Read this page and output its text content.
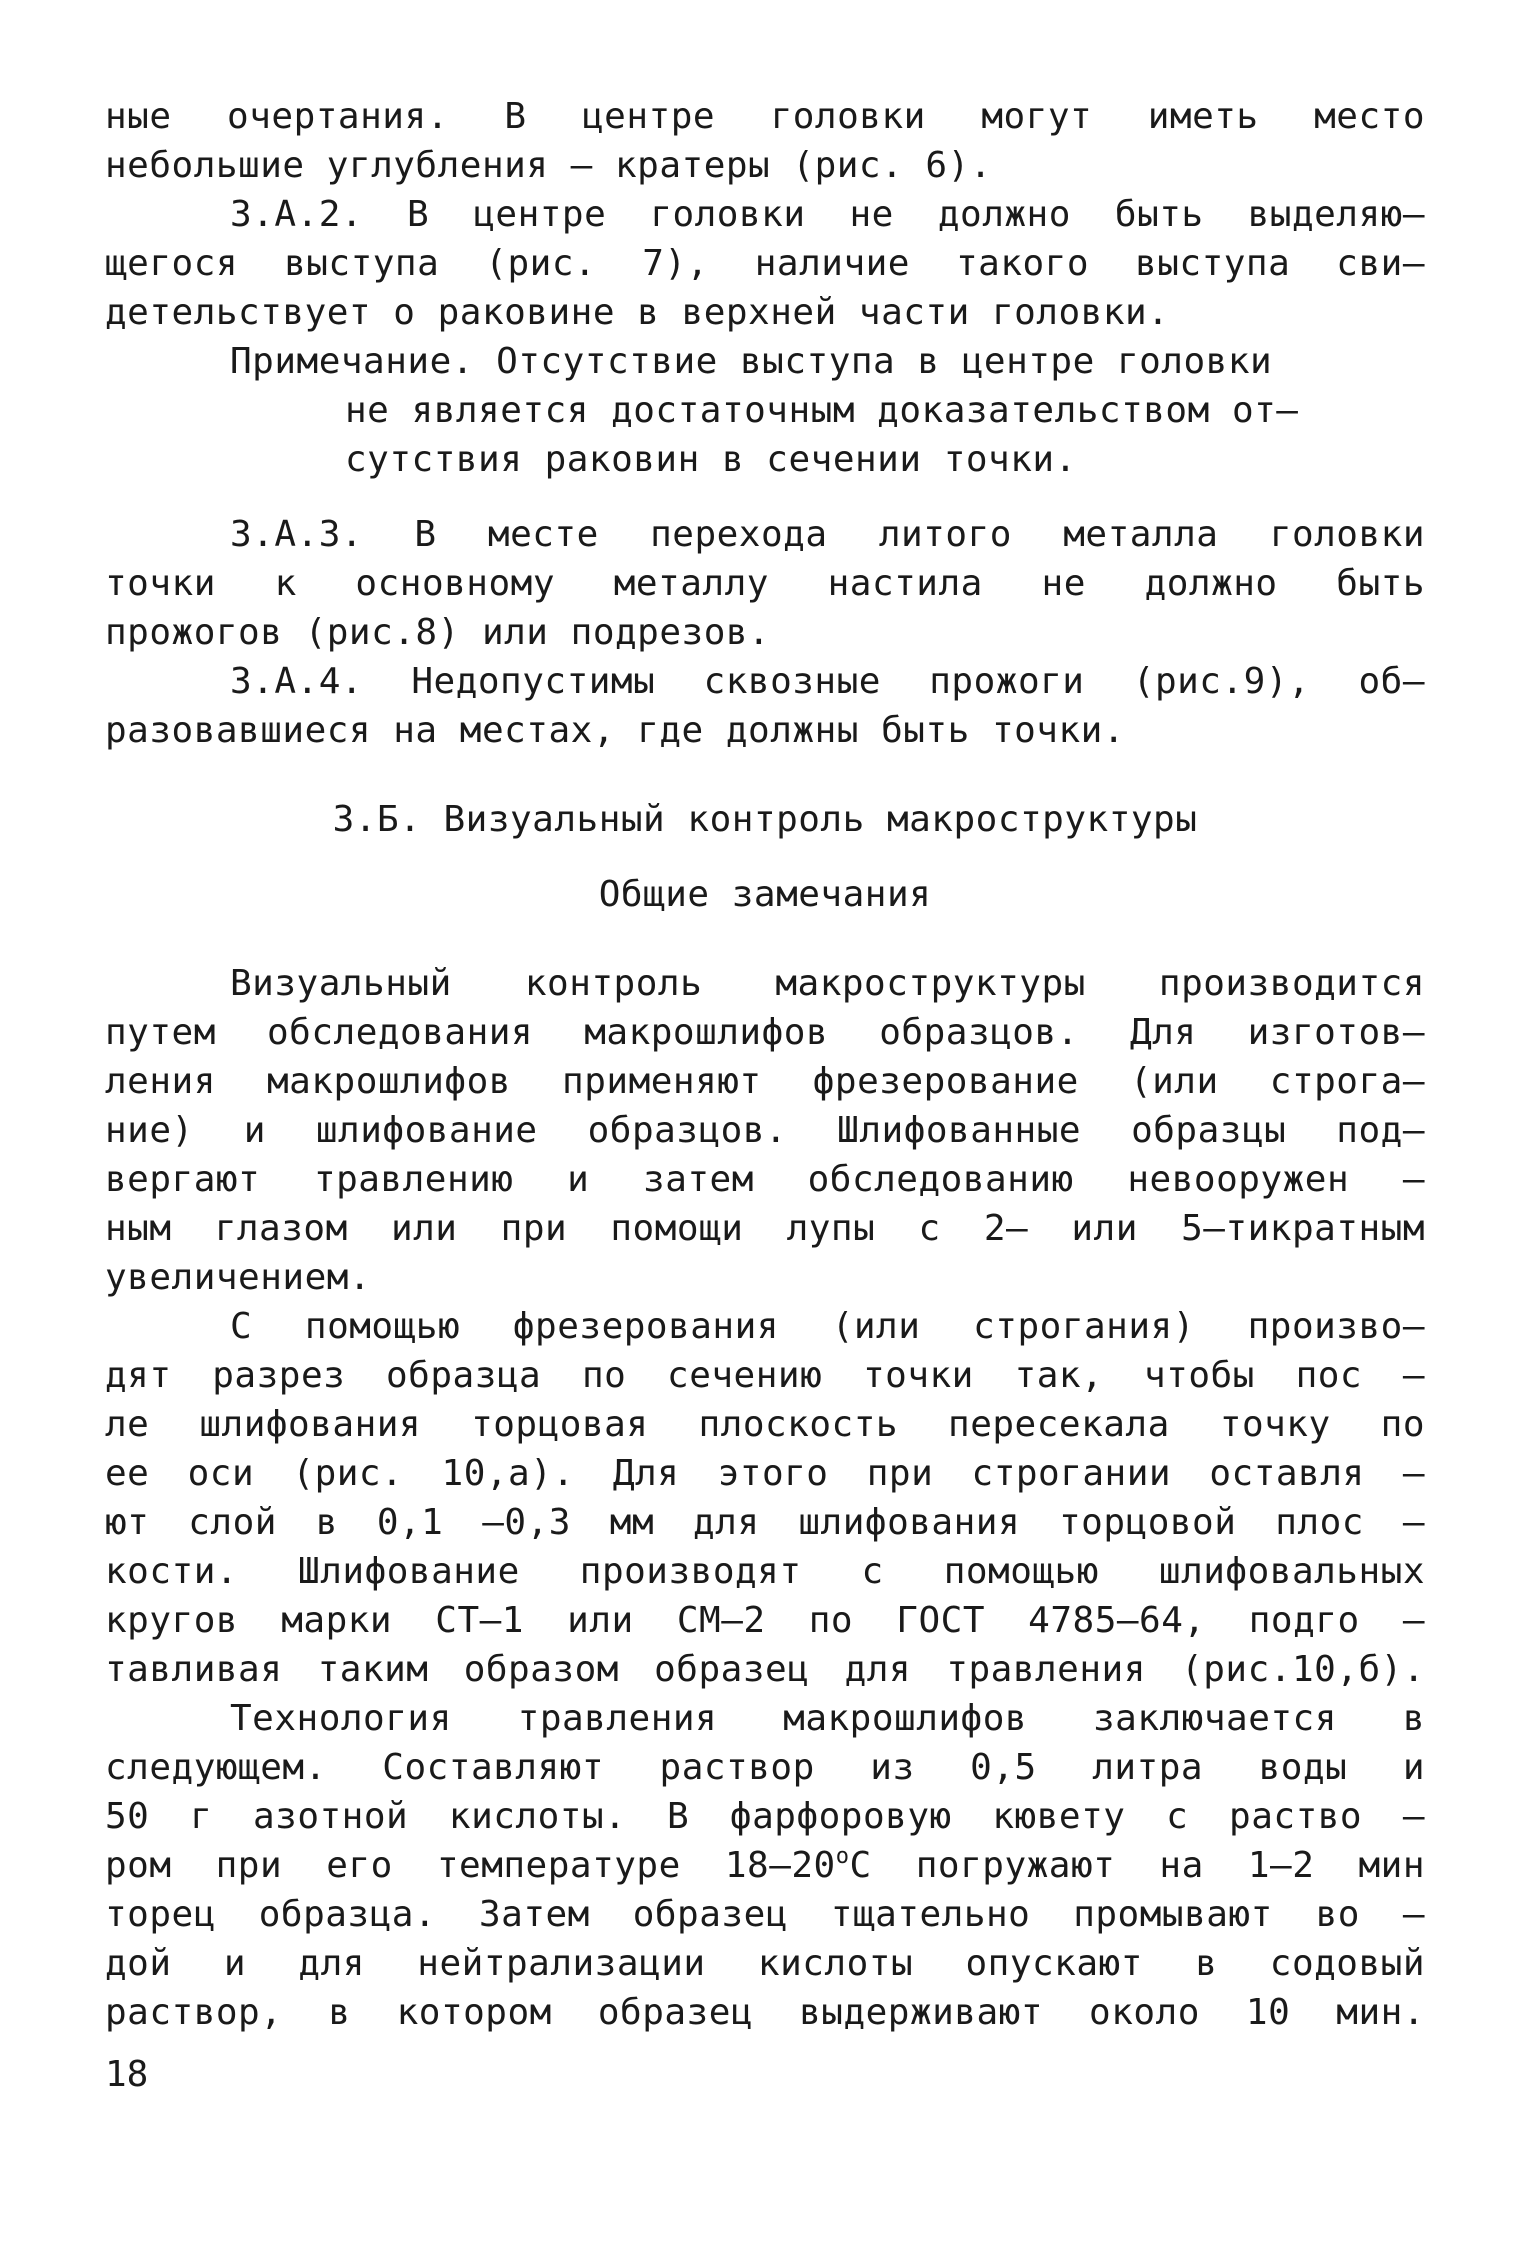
ные очертания. В центре головки могут иметь место
небольшие углубления – кратеры (рис. 6).
3.А.2. В центре головки не должно быть выделяю–
щегося выступа (рис. 7), наличие такого выступа сви–
детельствует о раковине в верхней части головки.
Примечание. Отсутствие выступа в центре головки
не является достаточным доказательством от–
сутствия раковин в сечении точки.
3.А.3. В месте перехода литого металла головки
точки к основному металлу настила не должно быть
прожогов (рис.8) или подрезов.
3.А.4. Недопустимы сквозные прожоги (рис.9), об–
разовавшиеся на местах, где должны быть точки.
3.Б. Визуальный контроль макроструктуры
Общие замечания
Визуальный контроль макроструктуры производится
путем обследования макрошлифов образцов. Для изготов–
ления макрошлифов применяют фрезерование (или строга–
ние) и шлифование образцов. Шлифованные образцы под–
вергают травлению и затем обследованию невооружен –
ным глазом или при помощи лупы с 2– или 5–тикратным
увеличением.
С помощью фрезерования (или строгания) произво–
дят разрез образца по сечению точки так, чтобы пос –
ле шлифования торцовая плоскость пересекала точку по
ее оси (рис. 10,а). Для этого при строгании оставля –
ют слой в 0,1 –0,3 мм для шлифования торцовой плос –
кости. Шлифование производят с помощью шлифовальных
кругов марки СТ–1 или СМ–2 по ГОСТ 4785–64, подго –
тавливая таким образом образец для травления (рис.10,б).
Технология травления макрошлифов заключается в
следующем. Составляют раствор из 0,5 литра воды и
50 г азотной кислоты. В фарфоровую кювету с раство –
ром при его температуре $18-20^оС$ погружают на 1–2 мин
торец образца. Затем образец тщательно промывают во –
дой и для нейтрализации кислоты опускают в содовый
раствор, в котором образец выдерживают около 10 мин.
18
